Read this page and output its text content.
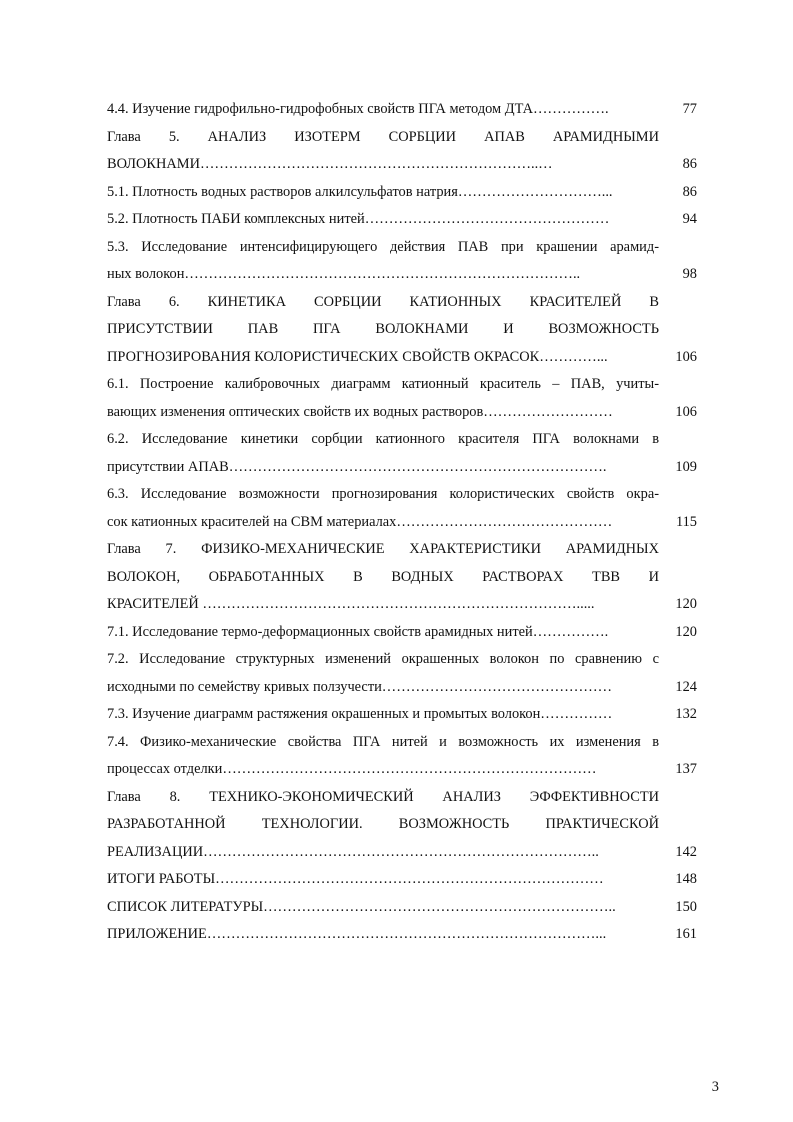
4.4. Изучение гидрофильно-гидрофобных свойств ПГА методом ДТА…………….	77
Глава 5. АНАЛИЗ ИЗОТЕРМ СОРБЦИИ АПАВ АРАМИДНЫМИ
ВОЛОКНАМИ……………………………………………………………..…	86
5.1. Плотность водных растворов алкилсульфатов натрия…………………………...	86
5.2. Плотность ПАБИ комплексных нитей……………………………………………	94
5.3. Исследование интенсифицирующего действия ПАВ при крашении арамид-
ных волокон………………………………………………………………………..	98
Глава 6. КИНЕТИКА СОРБЦИИ КАТИОННЫХ КРАСИТЕЛЕЙ В
ПРИСУТСТВИИ ПАВ ПГА ВОЛОКНАМИ И ВОЗМОЖНОСТЬ
ПРОГНОЗИРОВАНИЯ КОЛОРИСТИЧЕСКИХ СВОЙСТВ ОКРАСОК…………...	106
6.1. Построение калибровочных диаграмм катионный краситель – ПАВ, учиты-
вающих изменения оптических свойств их водных растворов………………………	106
6.2. Исследование кинетики сорбции катионного красителя ПГА волокнами в
присутствии АПАВ…………………………………………………………………….	109
6.3. Исследование возможности прогнозирования колористических свойств окра-
сок катионных красителей на СВМ материалах………………………………………	115
Глава 7. ФИЗИКО-МЕХАНИЧЕСКИЕ ХАРАКТЕРИСТИКИ АРАМИДНЫХ
ВОЛОКОН, ОБРАБОТАННЫХ В ВОДНЫХ РАСТВОРАХ ТВВ И
КРАСИТЕЛЕЙ …………………………………………………………………….....	120
7.1. Исследование термо-деформационных свойств арамидных нитей…………….	120
7.2. Исследование структурных изменений окрашенных волокон по сравнению с
исходными по семейству кривых ползучести…………………………………………	124
7.3. Изучение диаграмм растяжения окрашенных и промытых волокон……………	132
7.4. Физико-механические свойства ПГА нитей и возможность их изменения в
процессах отделки……………………………………………………………………	137
Глава 8. ТЕХНИКО-ЭКОНОМИЧЕСКИЙ АНАЛИЗ ЭФФЕКТИВНОСТИ
РАЗРАБОТАННОЙ ТЕХНОЛОГИИ. ВОЗМОЖНОСТЬ ПРАКТИЧЕСКОЙ
РЕАЛИЗАЦИИ………………………………………………………………………..	142
ИТОГИ РАБОТЫ………………………………………………………………………	148
СПИСОК ЛИТЕРАТУРЫ………………………………………………………………..	150
ПРИЛОЖЕНИЕ………………………………………………………………………...	161
3
